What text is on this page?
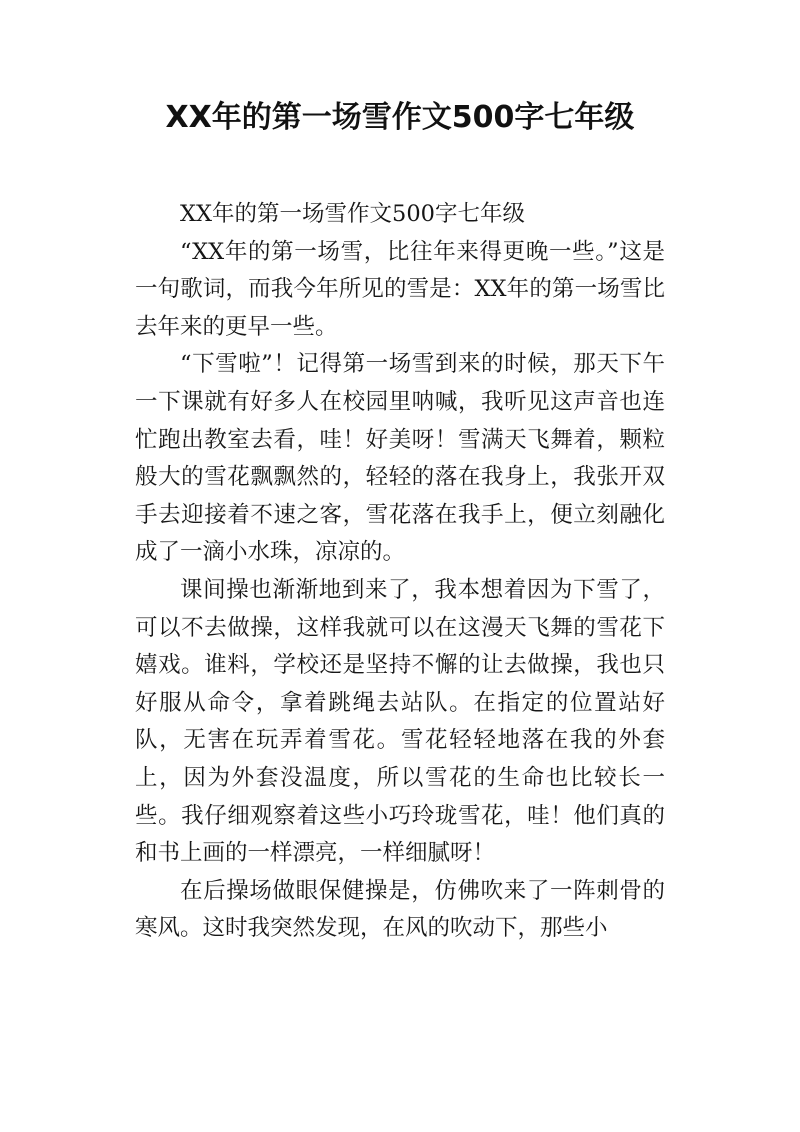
XX年的第一场雪作文500字七年级

XX年的第一场雪作文500字七年级

“XX年的第一场雪，比往年来得更晚一些。”这是一句歌词，而我今年所见的雪是：XX年的第一场雪比去年来的更早一些。

“下雪啦”！记得第一场雪到来的时候，那天下午一下课就有好多人在校园里呐喊，我听见这声音也连忙跑出教室去看，哇！好美呀！雪满天飞舞着，颗粒般大的雪花飘飘然的，轻轻的落在我身上，我张开双手去迎接着不速之客，雪花落在我手上，便立刻融化成了一滴小水珠，凉凉的。

课间操也渐渐地到来了，我本想着因为下雪了，可以不去做操，这样我就可以在这漫天飞舞的雪花下嬉戏。谁料，学校还是坚持不懈的让去做操，我也只好服从命令，拿着跳绳去站队。在指定的位置站好队，无害在玩弄着雪花。雪花轻轻地落在我的外套上，因为外套没温度，所以雪花的生命也比较长一些。我仔细观察着这些小巧玲珑雪花，哇！他们真的和书上画的一样漂亮，一样细腻呀！

在后操场做眼保健操是，仿佛吹来了一阵刺骨的寒风。这时我突然发现，在风的吹动下，那些小
